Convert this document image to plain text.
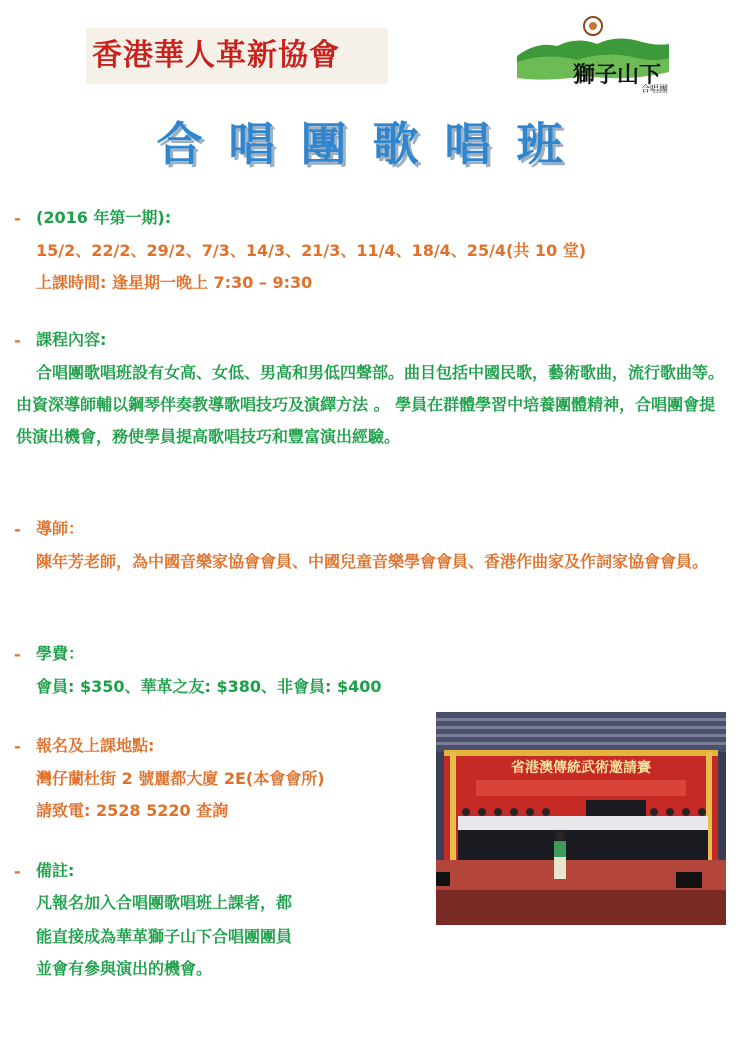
香港華人革新協會
獅子山下
合唱團
合唱團歌唱班
- (2016 年第一期):
15/2、22/2、29/2、7/3、14/3、21/3、11/4、18/4、25/4(共 10 堂)
上課時間: 逢星期一晚上 7:30 – 9:30
- 課程內容:
合唱團歌唱班設有女高、女低、男高和男低四聲部。曲目包括中國民歌，藝術歌曲，流行歌曲等。由資深導師輔以鋼琴伴奏教導歌唱技巧及演繹方法 。 學員在群體學習中培養團體精神，合唱團會提供演出機會，務使學員提高歌唱技巧和豐富演出經驗。
- 導師：
陳年芳老師，為中國音樂家協會會員、中國兒童音樂學會會員、香港作曲家及作詞家協會會員。
- 學費：
會員: $350、華革之友: $380、非會員: $400
- 報名及上課地點:
灣仔蘭杜街 2 號麗都大廈 2E(本會會所)
請致電: 2528 5220 查詢
- 備註:
凡報名加入合唱團歌唱班上課者，都
能直接成為華革獅子山下合唱團團員
並會有參與演出的機會。
省港澳傳統武術邀請賽
